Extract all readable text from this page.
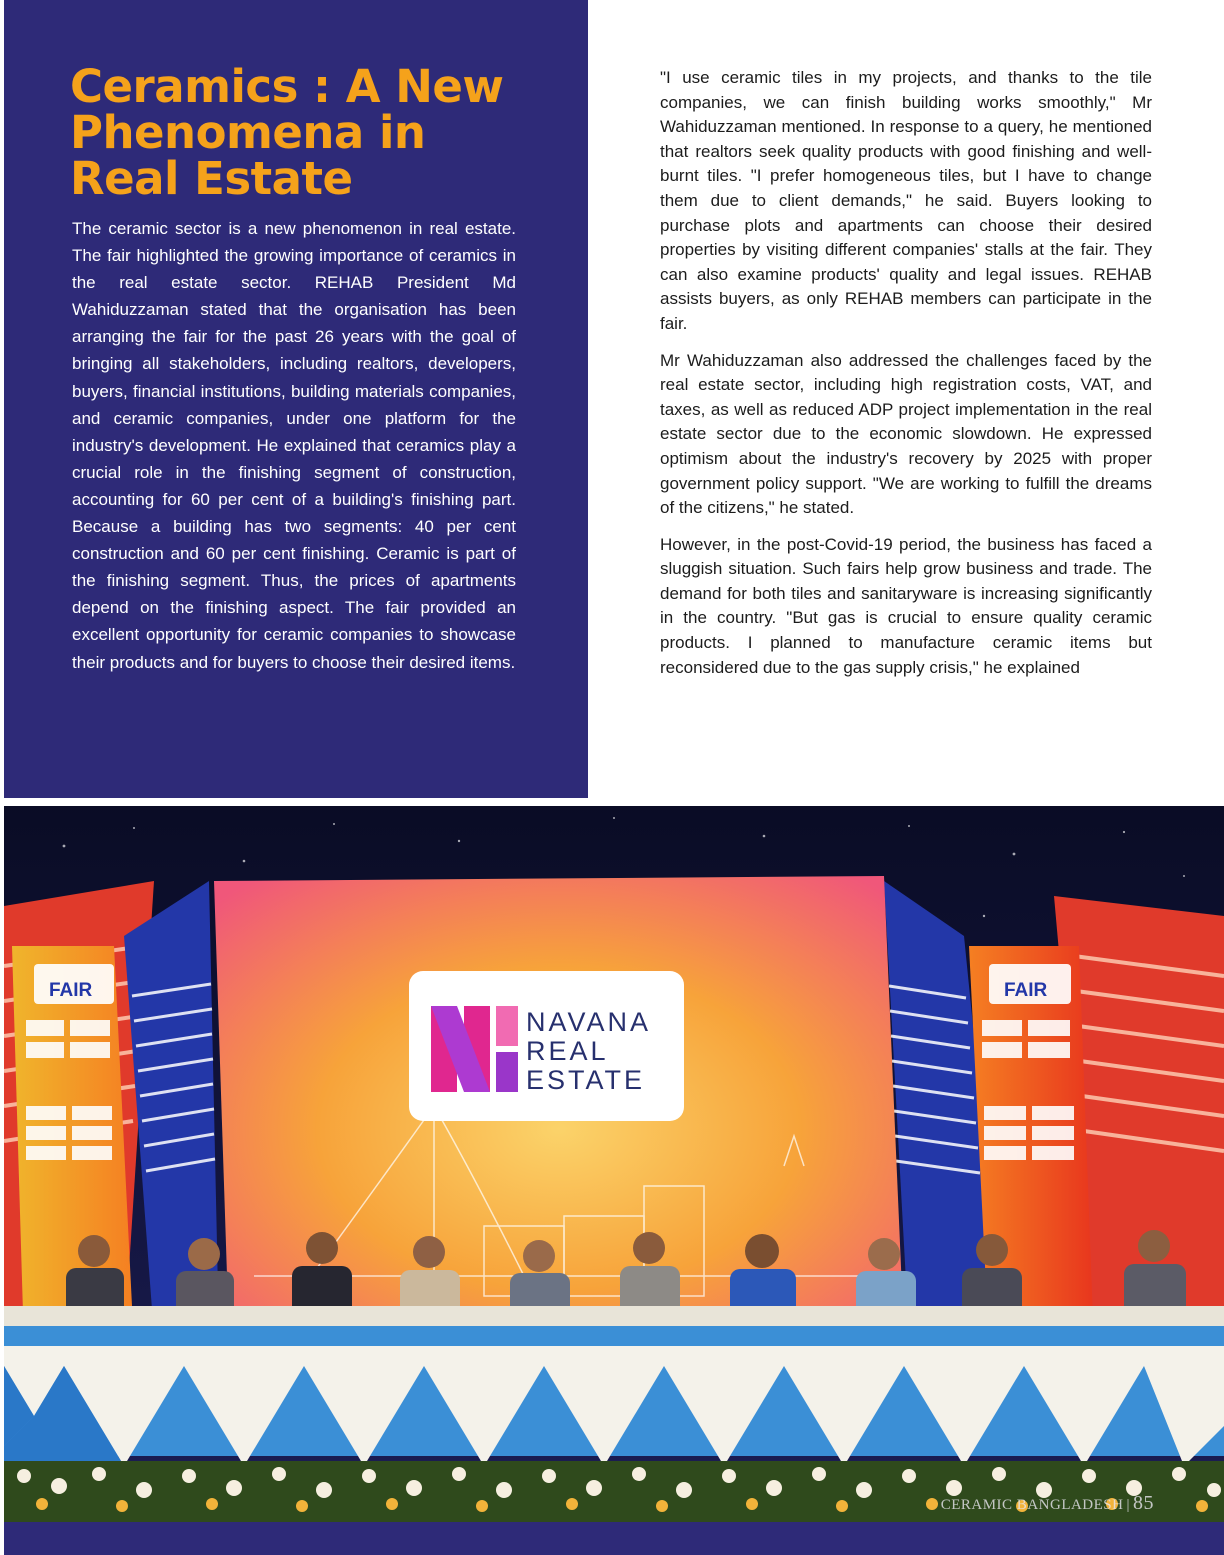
Ceramics : A New Phenomena in Real Estate

The ceramic sector is a new phenomenon in real estate. The fair highlighted the growing importance of ceramics in the real estate sector. REHAB President Md Wahiduzzaman stated that the organisation has been arranging the fair for the past 26 years with the goal of bringing all stakeholders, including realtors, developers, buyers, financial institutions, building materials companies, and ceramic companies, under one platform for the industry's development. He explained that ceramics play a crucial role in the finishing segment of construction, accounting for 60 per cent of a building's finishing part. Because a building has two segments: 40 per cent construction and 60 per cent finishing. Ceramic is part of the finishing segment. Thus, the prices of apartments depend on the finishing aspect. The fair provided an excellent opportunity for ceramic companies to showcase their products and for buyers to choose their desired items.

"I use ceramic tiles in my projects, and thanks to the tile companies, we can finish building works smoothly," Mr Wahiduzzaman mentioned. In response to a query, he mentioned that realtors seek quality products with good finishing and well-burnt tiles. "I prefer homogeneous tiles, but I have to change them due to client demands," he said. Buyers looking to purchase plots and apartments can choose their desired properties by visiting different companies' stalls at the fair. They can also examine products' quality and legal issues. REHAB assists buyers, as only REHAB members can participate in the fair.

Mr Wahiduzzaman also addressed the challenges faced by the real estate sector, including high registration costs, VAT, and taxes, as well as reduced ADP project implementation in the real estate sector due to the economic slowdown. He expressed optimism about the industry's recovery by 2025 with proper government policy support. "We are working to fulfill the dreams of the citizens," he stated.

However, in the post-Covid-19 period, the business has faced a sluggish situation. Such fairs help grow business and trade. The demand for both tiles and sanitaryware is increasing significantly in the country. "But gas is crucial to ensure quality ceramic products. I planned to manufacture ceramic items but reconsidered due to the gas supply crisis," he explained

NAVANA
REAL
ESTATE
FAIR	FAIR
CERAMIC BANGLADESH | 85
